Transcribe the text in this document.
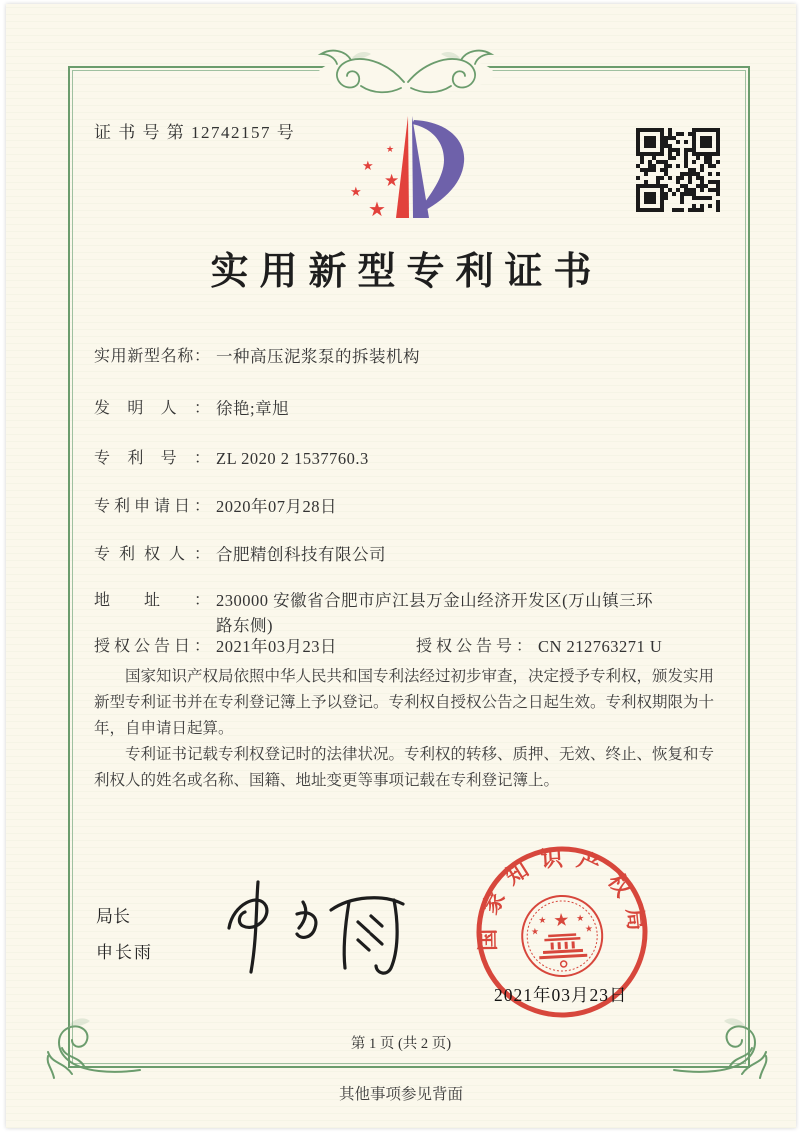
证 书 号 第 12742157 号
★
★
★
★
★
实用新型专利证书
实用新型名称 ： 一种高压泥浆泵的拆装机构
发明人 ： 徐艳;章旭
专利号 ： ZL 2020 2 1537760.3
专利申请日 ： 2020年07月28日
专利权人 ： 合肥精创科技有限公司
地址 ： 230000 安徽省合肥市庐江县万金山经济开发区(万山镇三环路东侧)
授权公告日 ： 2021年03月23日	授权公告号 ： CN 212763271 U

国家知识产权局依照中华人民共和国专利法经过初步审查，决定授予专利权，颁发实用新型专利证书并在专利登记簿上予以登记。专利权自授权公告之日起生效。专利权期限为十年，自申请日起算。

专利证书记载专利权登记时的法律状况。专利权的转移、质押、无效、终止、恢复和专利权人的姓名或名称、国籍、地址变更等事项记载在专利登记簿上。

局长
申长雨
国家知识产权局
★
★	★
★	★
2021年03月23日
第 1 页 (共 2 页)
其他事项参见背面
